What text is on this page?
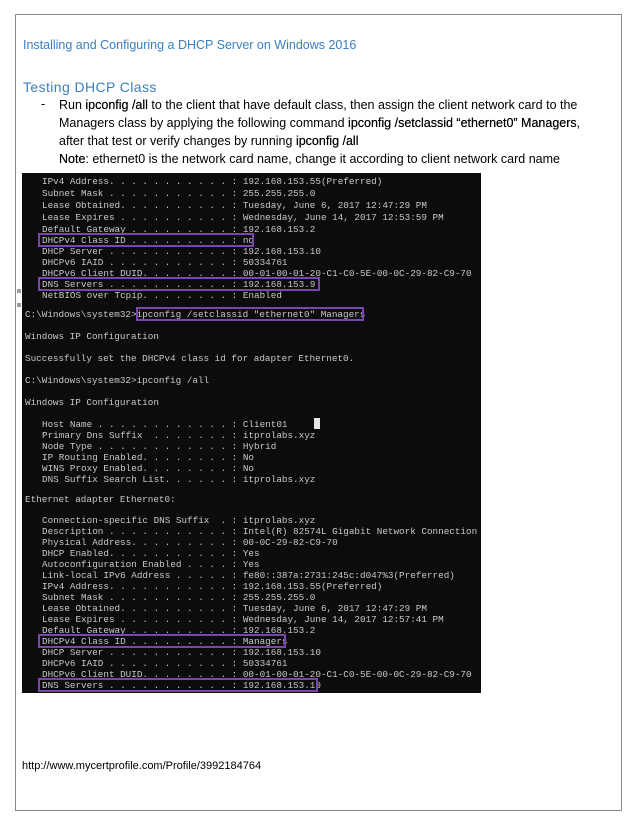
Installing and Configuring a DHCP Server on Windows 2016
Testing DHCP Class
- Run ipconfig /all to the client that have default class, then assign the client network card to the Managers class by applying the following command ipconfig /setclassid “ethernet0” Managers, after that test or verify changes by running ipconfig /all
Note: ethernet0 is the network card name, change it according to client network card name
IPv4 Address. . . . . . . . . . . : 192.168.153.55(Preferred)
Subnet Mask . . . . . . . . . . . : 255.255.255.0
Lease Obtained. . . . . . . . . . : Tuesday, June 6, 2017 12:47:29 PM
Lease Expires . . . . . . . . . . : Wednesday, June 14, 2017 12:53:59 PM
Default Gateway . . . . . . . . . : 192.168.153.2
DHCPv4 Class ID . . . . . . . . . : no
DHCP Server . . . . . . . . . . . : 192.168.153.10
DHCPv6 IAID . . . . . . . . . . . : 50334761
DHCPv6 Client DUID. . . . . . . . : 00-01-00-01-20-C1-C0-5E-00-0C-29-82-C9-70
DNS Servers . . . . . . . . . . . : 192.168.153.9
NetBIOS over Tcpip. . . . . . . . : Enabled
C:\Windows\system32>ipconfig /setclassid "ethernet0" Managers
Windows IP Configuration
Successfully set the DHCPv4 class id for adapter Ethernet0.
C:\Windows\system32>ipconfig /all
Windows IP Configuration
Host Name . . . . . . . . . . . . : Client01
Primary Dns Suffix  . . . . . . . : itprolabs.xyz
Node Type . . . . . . . . . . . . : Hybrid
IP Routing Enabled. . . . . . . . : No
WINS Proxy Enabled. . . . . . . . : No
DNS Suffix Search List. . . . . . : itprolabs.xyz
Ethernet adapter Ethernet0:
Connection-specific DNS Suffix  . : itprolabs.xyz
Description . . . . . . . . . . . : Intel(R) 82574L Gigabit Network Connection
Physical Address. . . . . . . . . : 00-0C-29-82-C9-70
DHCP Enabled. . . . . . . . . . . : Yes
Autoconfiguration Enabled . . . . : Yes
Link-local IPv6 Address . . . . . : fe80::387a:2731:245c:d047%3(Preferred)
IPv4 Address. . . . . . . . . . . : 192.168.153.55(Preferred)
Subnet Mask . . . . . . . . . . . : 255.255.255.0
Lease Obtained. . . . . . . . . . : Tuesday, June 6, 2017 12:47:29 PM
Lease Expires . . . . . . . . . . : Wednesday, June 14, 2017 12:57:41 PM
Default Gateway . . . . . . . . . : 192.168.153.2
DHCPv4 Class ID . . . . . . . . . : Managers
DHCP Server . . . . . . . . . . . : 192.168.153.10
DHCPv6 IAID . . . . . . . . . . . : 50334761
DHCPv6 Client DUID. . . . . . . . : 00-01-00-01-20-C1-C0-5E-00-0C-29-82-C9-70
DNS Servers . . . . . . . . . . . : 192.168.153.10
http://www.mycertprofile.com/Profile/3992184764
